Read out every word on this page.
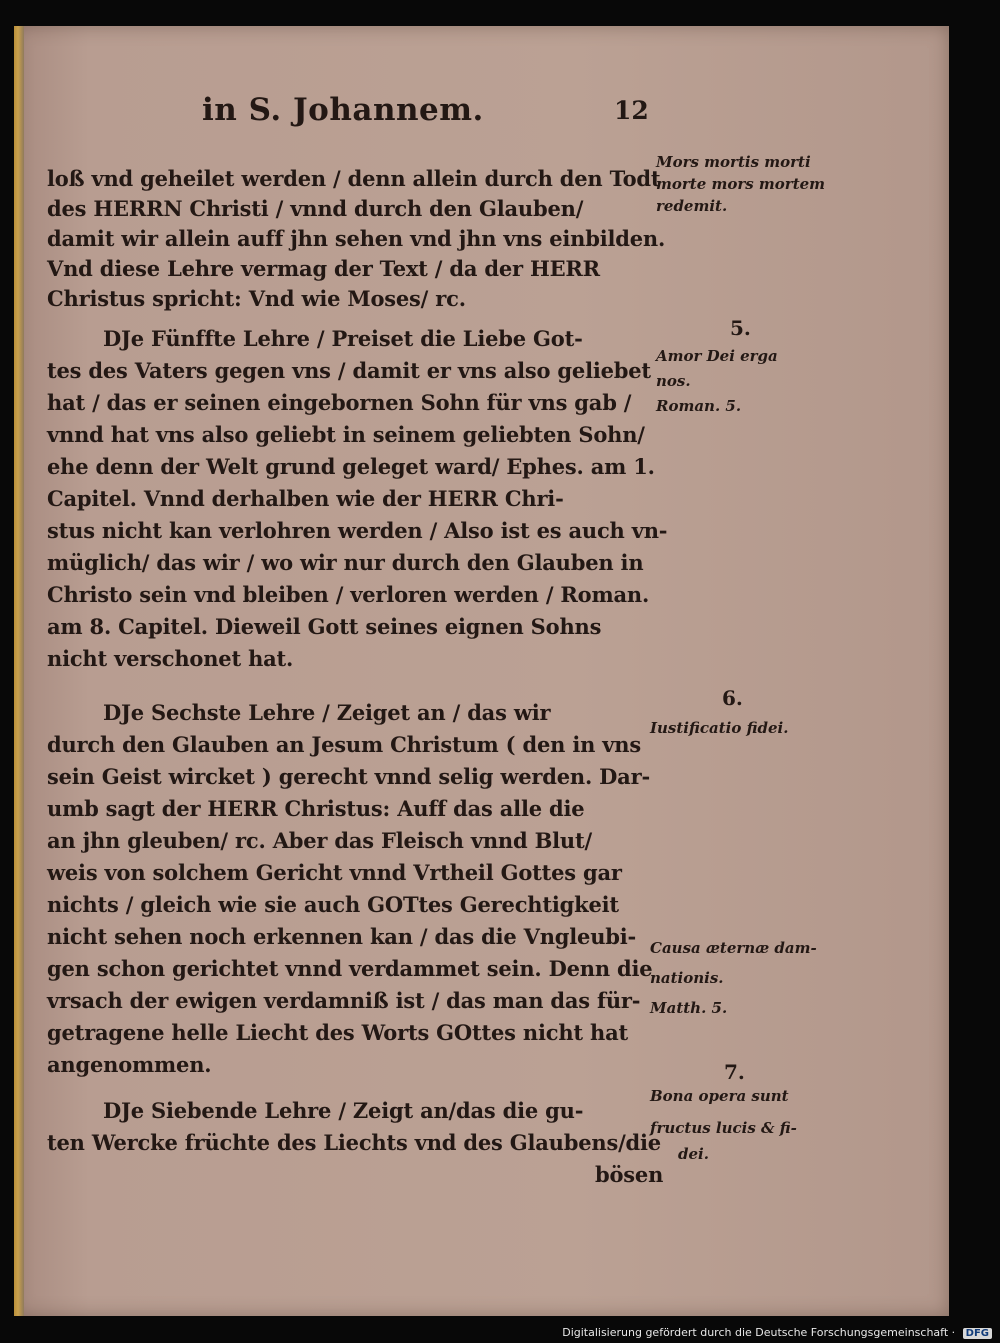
in S. Johannem.	12
loß vnd geheilet werden / denn allein durch den Todt
des HERRN Christi / vnnd durch den Glauben/
damit wir allein auff jhn sehen vnd jhn vns einbilden.
Vnd diese Lehre vermag der Text / da der HERR
Christus spricht: Vnd wie Moses/ rc.
DJe Fünffte Lehre / Preiset die Liebe Got-
tes des Vaters gegen vns / damit er vns also geliebet
hat / das er seinen eingebornen Sohn für vns gab /
vnnd hat vns also geliebt in seinem geliebten Sohn/
ehe denn der Welt grund geleget ward/ Ephes. am 1.
Capitel. Vnnd derhalben wie der HERR Chri-
stus nicht kan verlohren werden / Also ist es auch vn-
müglich/ das wir / wo wir nur durch den Glauben in
Christo sein vnd bleiben / verloren werden / Roman.
am 8. Capitel. Dieweil Gott seines eignen Sohns
nicht verschonet hat.
DJe Sechste Lehre / Zeiget an / das wir
durch den Glauben an Jesum Christum ( den in vns
sein Geist wircket ) gerecht vnnd selig werden. Dar-
umb sagt der HERR Christus: Auff das alle die
an jhn gleuben/ rc. Aber das Fleisch vnnd Blut/
weis von solchem Gericht vnnd Vrtheil Gottes gar
nichts / gleich wie sie auch GOTtes Gerechtigkeit
nicht sehen noch erkennen kan / das die Vngleubi-
gen schon gerichtet vnnd verdammet sein. Denn die
vrsach der ewigen verdamniß ist / das man das für-
getragene helle Liecht des Worts GOttes nicht hat
angenommen.
DJe Siebende Lehre / Zeigt an/das die gu-
ten Wercke früchte des Liechts vnd des Glaubens/die
bösen
Mors mortis morti
morte mors mortem
redemit.
5.
Amor Dei erga
nos.
Roman. 5.
6.
Iustificatio fidei.
Causa æternæ dam-
nationis.
Matth. 5.
7.
Bona opera sunt
fructus lucis & fi-
dei.
Digitalisierung gefördert durch die Deutsche Forschungsgemeinschaft · DFG
